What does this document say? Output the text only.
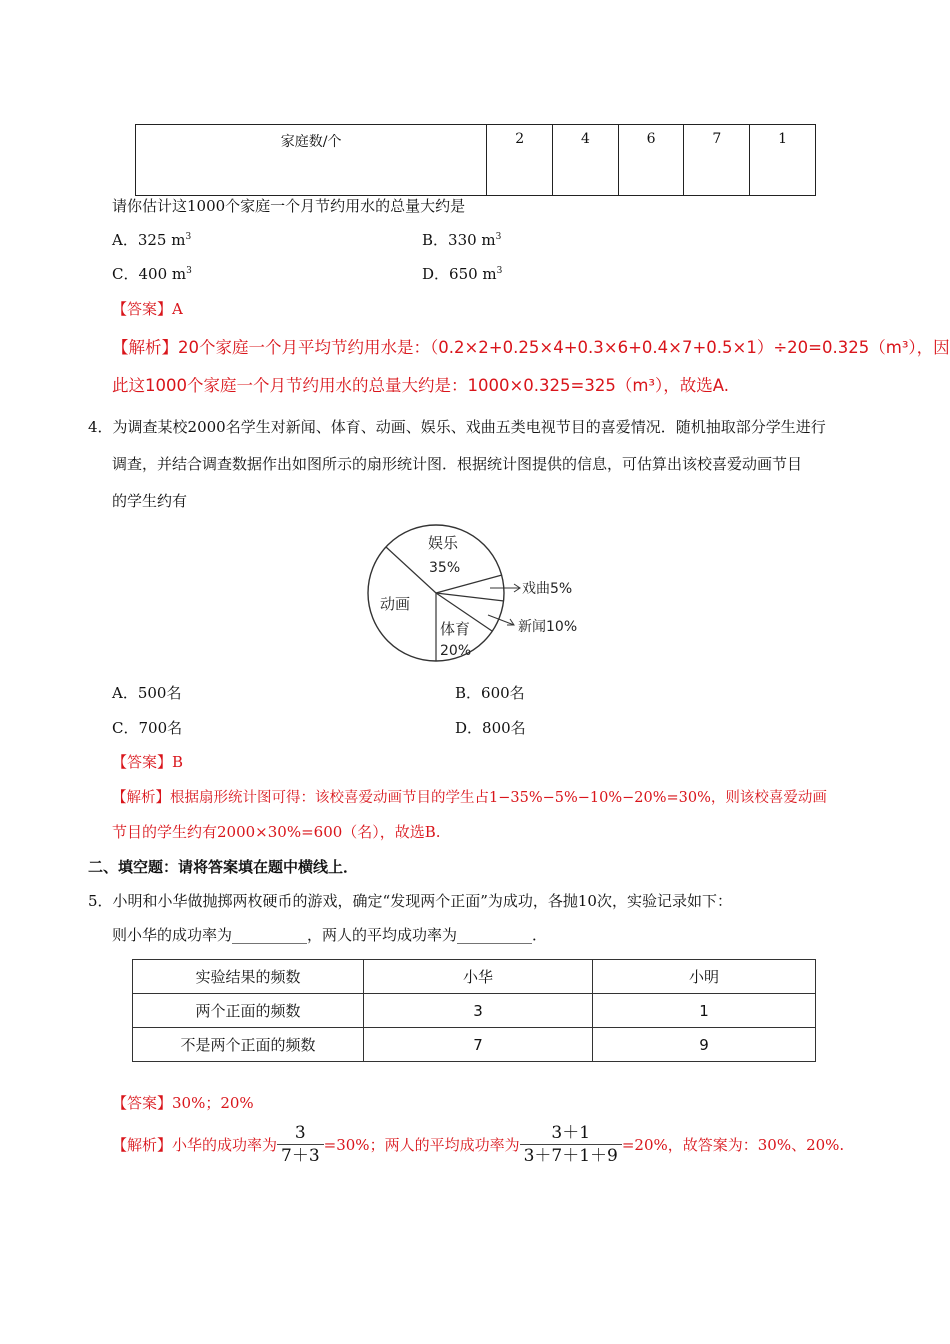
家庭数/个	2	4	6	7	1
请你估计这1000个家庭一个月节约用水的总量大约是
A．325 $m^3$	B．330 $m^3$
C．400 $m^3$	D．650 $m^3$
【答案】A
【解析】20个家庭一个月平均节约用水是：（0.2×2+0.25×4+0.3×6+0.4×7+0.5×1）÷20=0.325（m³），因
此这1000个家庭一个月节约用水的总量大约是：1000×0.325=325（m³），故选A.
4．为调查某校2000名学生对新闻、体育、动画、娱乐、戏曲五类电视节目的喜爱情况．随机抽取部分学生进行
调查，并结合调查数据作出如图所示的扇形统计图．根据统计图提供的信息，可估算出该校喜爱动画节目
的学生约有
娱乐
35%
戏曲5%
新闻10%
体育
20%
动画
A．500名	B．600名
C．700名	D．800名
【答案】B
【解析】根据扇形统计图可得：该校喜爱动画节目的学生占1−35%−5%−10%−20%=30%，则该校喜爱动画
节目的学生约有2000×30%=600（名），故选B.
二、填空题：请将答案填在题中横线上．
5．小明和小华做抛掷两枚硬币的游戏，确定“发现两个正面”为成功，各抛10次，实验记录如下：
则小华的成功率为__________，两人的平均成功率为__________．
实验结果的频数	小华	小明
两个正面的频数	3	1
不是两个正面的频数	7	9
【答案】30%；20%
【解析】小华的成功率为 $\frac{3}{7+3} =30\%$；两人的平均成功率为 $\frac{3+1}{3+7+1+9} =20\%$，故答案为：30%、20%.
